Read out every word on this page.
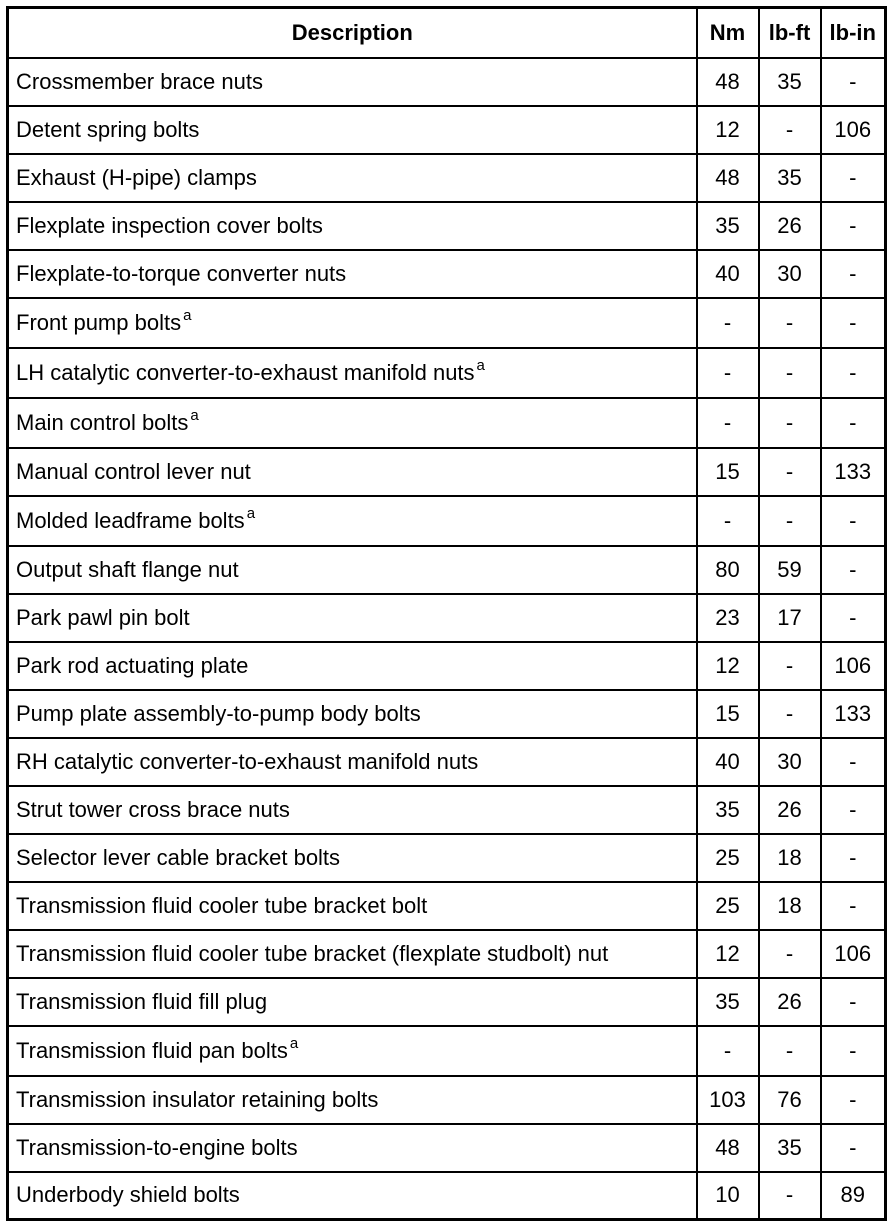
Description	Nm	lb-ft	lb-in
Crossmember brace nuts	48	35	-
Detent spring bolts	12	-	106
Exhaust (H-pipe) clamps	48	35	-
Flexplate inspection cover bolts	35	26	-
Flexplate-to-torque converter nuts	40	30	-
Front pump bolts $^a$	-	-	-
LH catalytic converter-to-exhaust manifold nuts $^a$	-	-	-
Main control bolts $^a$	-	-	-
Manual control lever nut	15	-	133
Molded leadframe bolts $^a$	-	-	-
Output shaft flange nut	80	59	-
Park pawl pin bolt	23	17	-
Park rod actuating plate	12	-	106
Pump plate assembly-to-pump body bolts	15	-	133
RH catalytic converter-to-exhaust manifold nuts	40	30	-
Strut tower cross brace nuts	35	26	-
Selector lever cable bracket bolts	25	18	-
Transmission fluid cooler tube bracket bolt	25	18	-
Transmission fluid cooler tube bracket (flexplate studbolt) nut	12	-	106
Transmission fluid fill plug	35	26	-
Transmission fluid pan bolts $^a$	-	-	-
Transmission insulator retaining bolts	103	76	-
Transmission-to-engine bolts	48	35	-
Underbody shield bolts	10	-	89
